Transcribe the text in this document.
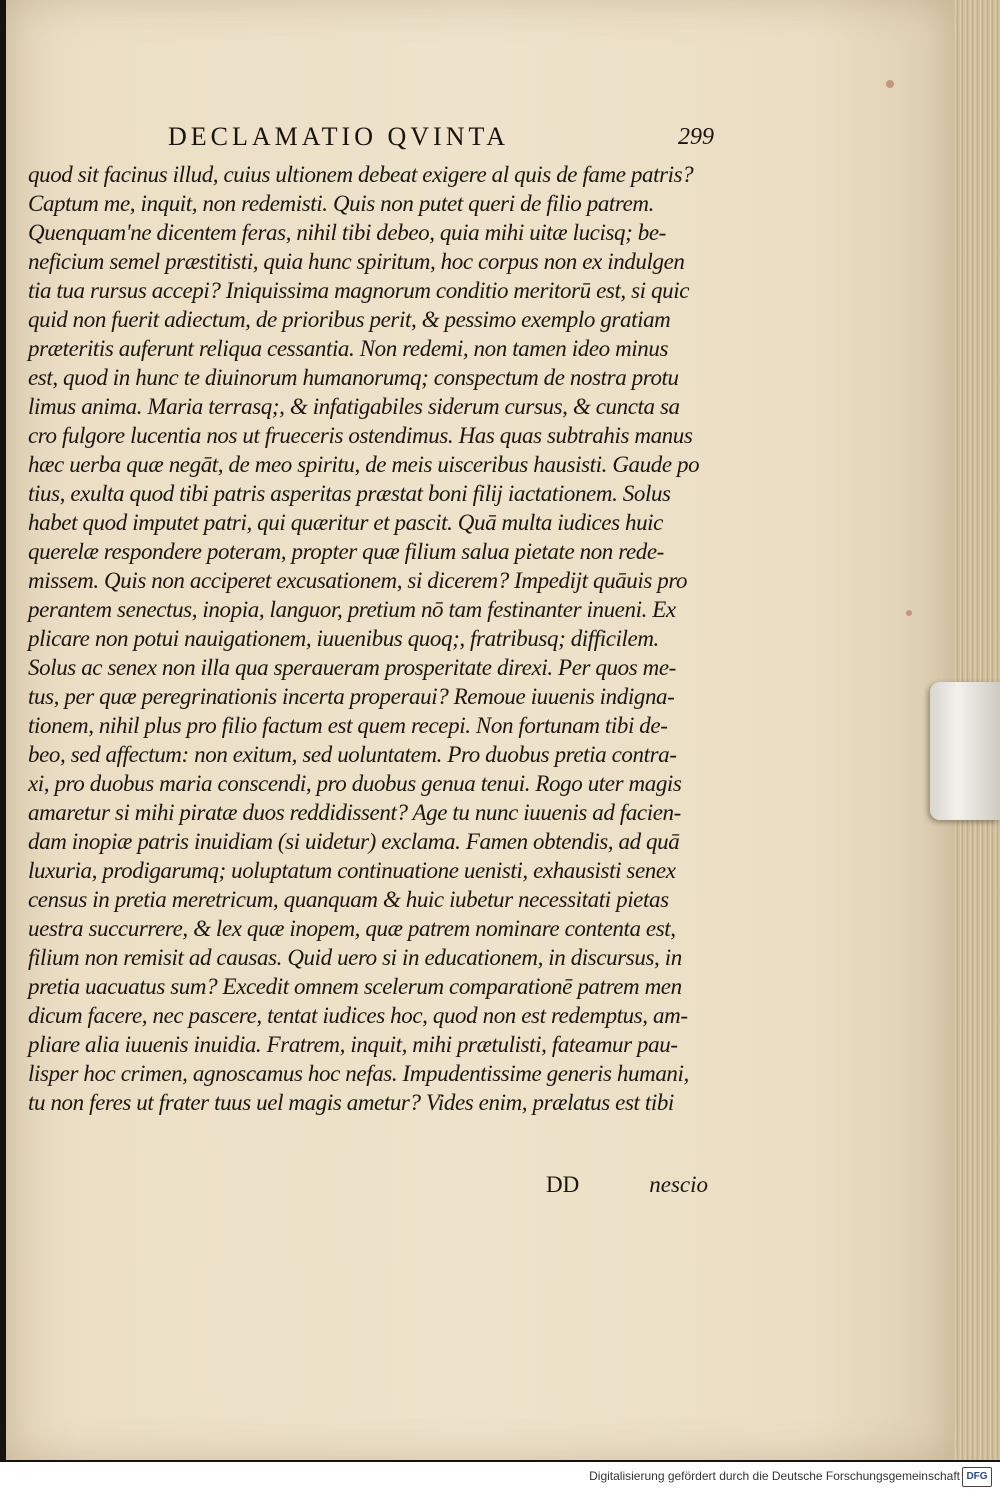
DECLAMATIO QVINTA	299
quod sit facinus illud, cuius ultionem debeat exigere al quis de fame patris?
Captum me, inquit, non redemisti. Quis non putet queri de filio patrem.
Quenquam'ne dicentem feras, nihil tibi debeo, quia mihi uitæ lucisq; be-
neficium semel præstitisti, quia hunc spiritum, hoc corpus non ex indulgen
tia tua rursus accepi? Iniquissima magnorum conditio meritorū est, si quic
quid non fuerit adiectum, de prioribus perit, & pessimo exemplo gratiam
præteritis auferunt reliqua cessantia. Non redemi, non tamen ideo minus
est, quod in hunc te diuinorum humanorumq; conspectum de nostra protu
limus anima. Maria terrasq;, & infatigabiles siderum cursus, & cuncta sa
cro fulgore lucentia nos ut frueceris ostendimus. Has quas subtrahis manus
hæc uerba quæ negāt, de meo spiritu, de meis uisceribus hausisti. Gaude po
tius, exulta quod tibi patris asperitas præstat boni filij iactationem. Solus
habet quod imputet patri, qui quæritur et pascit. Quā multa iudices huic
querelæ respondere poteram, propter quæ filium salua pietate non rede-
missem. Quis non acciperet excusationem, si dicerem? Impedijt quāuis pro
perantem senectus, inopia, languor, pretium nō tam festinanter inueni. Ex
plicare non potui nauigationem, iuuenibus quoq;, fratribusq; difficilem.
Solus ac senex non illa qua speraueram prosperitate direxi. Per quos me-
tus, per quæ peregrinationis incerta properaui? Remoue iuuenis indigna-
tionem, nihil plus pro filio factum est quem recepi. Non fortunam tibi de-
beo, sed affectum: non exitum, sed uoluntatem. Pro duobus pretia contra-
xi, pro duobus maria conscendi, pro duobus genua tenui. Rogo uter magis
amaretur si mihi piratæ duos reddidissent? Age tu nunc iuuenis ad facien-
dam inopiæ patris inuidiam (si uidetur) exclama. Famen obtendis, ad quā
luxuria, prodigarumq; uoluptatum continuatione uenisti, exhausisti senex
census in pretia meretricum, quanquam & huic iubetur necessitati pietas
uestra succurrere, & lex quæ inopem, quæ patrem nominare contenta est,
filium non remisit ad causas. Quid uero si in educationem, in discursus, in
pretia uacuatus sum? Excedit omnem scelerum comparationē patrem men
dicum facere, nec pascere, tentat iudices hoc, quod non est redemptus, am-
pliare alia iuuenis inuidia. Fratrem, inquit, mihi prætulisti, fateamur pau-
lisper hoc crimen, agnoscamus hoc nefas. Impudentissime generis humani,
tu non feres ut frater tuus uel magis ametur? Vides enim, prælatus est tibi
DD	nescio
Digitalisierung gefördert durch die Deutsche Forschungsgemeinschaft DFG
